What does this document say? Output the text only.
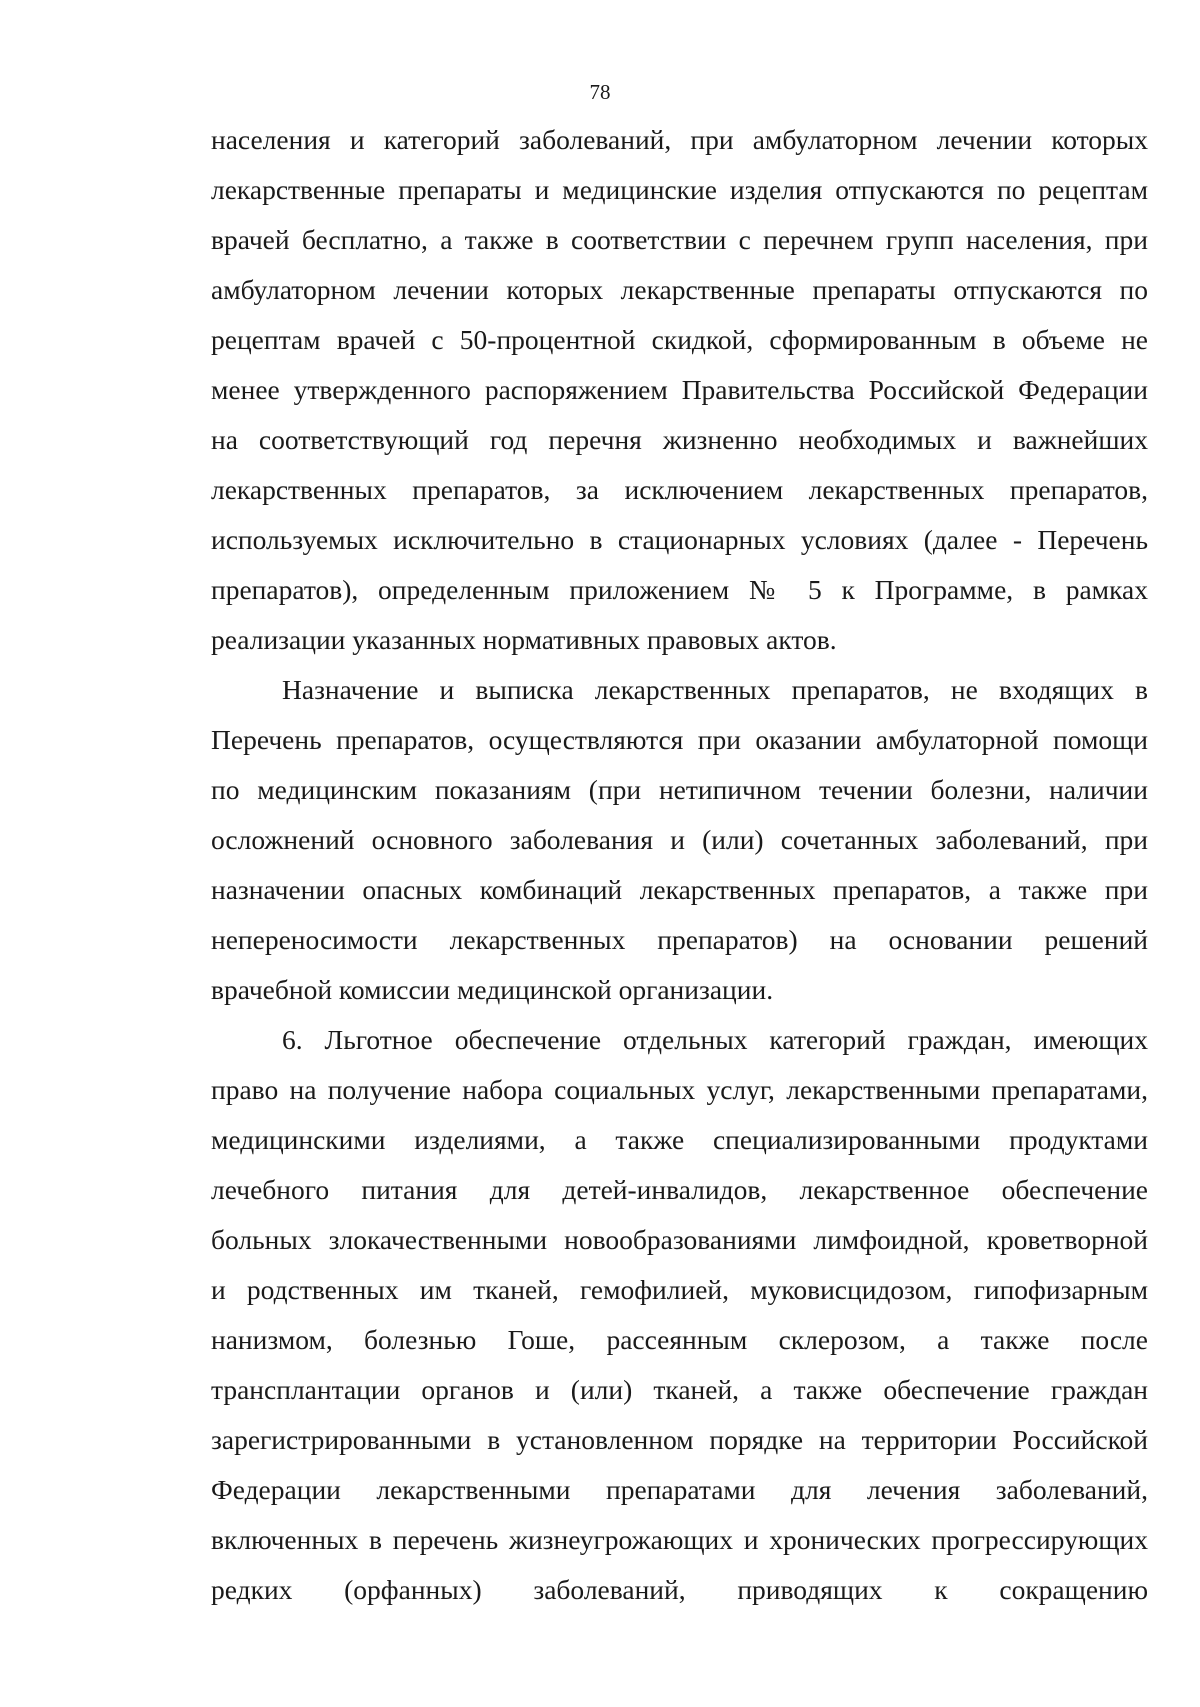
78
населения и категорий заболеваний, при амбулаторном лечении которых
лекарственные препараты и медицинские изделия отпускаются по рецептам
врачей бесплатно, а также в соответствии с перечнем групп населения, при
амбулаторном лечении которых лекарственные препараты отпускаются по
рецептам врачей с 50-процентной скидкой, сформированным в объеме не
менее утвержденного распоряжением Правительства Российской Федерации
на соответствующий год перечня жизненно необходимых и важнейших
лекарственных препаратов, за исключением лекарственных препаратов,
используемых исключительно в стационарных условиях (далее - Перечень
препаратов), определенным приложением № 5 к Программе, в рамках
реализации указанных нормативных правовых актов.
Назначение и выписка лекарственных препаратов, не входящих в
Перечень препаратов, осуществляются при оказании амбулаторной помощи
по медицинским показаниям (при нетипичном течении болезни, наличии
осложнений основного заболевания и (или) сочетанных заболеваний, при
назначении опасных комбинаций лекарственных препаратов, а также при
непереносимости лекарственных препаратов) на основании решений
врачебной комиссии медицинской организации.
6. Льготное обеспечение отдельных категорий граждан, имеющих
право на получение набора социальных услуг, лекарственными препаратами,
медицинскими изделиями, а также специализированными продуктами
лечебного питания для детей-инвалидов, лекарственное обеспечение
больных злокачественными новообразованиями лимфоидной, кроветворной
и родственных им тканей, гемофилией, муковисцидозом, гипофизарным
нанизмом, болезнью Гоше, рассеянным склерозом, а также после
трансплантации органов и (или) тканей, а также обеспечение граждан
зарегистрированными в установленном порядке на территории Российской
Федерации лекарственными препаратами для лечения заболеваний,
включенных в перечень жизнеугрожающих и хронических прогрессирующих
редких (орфанных) заболеваний, приводящих к сокращению
